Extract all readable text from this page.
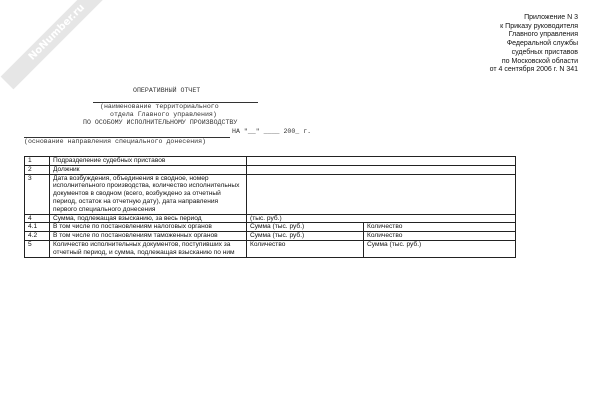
NoNumber.ru	Приложение N 3
к Приказу руководителя
Главного управления
Федеральной службы
судебных приставов
по Московской области
от 4 сентября 2006 г. N 341
ОПЕРАТИВНЫЙ ОТЧЕТ
(наименование территориального
отдела Главного управления)
ПО ОСОБОМУ ИСПОЛНИТЕЛЬНОМУ ПРОИЗВОДСТВУ
НА "__" ____ 200_ г.
(основание направления специального донесения)
1	Подразделение судебных приставов		
2	Должник		
3	Дата возбуждения, объединения в сводное, номер исполнительного производства, количество исполнительных документов в сводном (всего, возбуждено за отчетный период, остаток на отчетную дату), дата направления первого специального донесения		
4	Сумма, подлежащая взысканию, за весь период	(тыс. руб.)	
4.1	В том числе по постановлениям налоговых органов	Сумма (тыс. руб.)	Количество
4.2	В том числе по постановлениям таможенных органов	Сумма (тыс. руб.)	Количество
5	Количество исполнительных документов, поступивших за отчетный период, и сумма, подлежащая взысканию по ним	Количество	Сумма (тыс. руб.)
